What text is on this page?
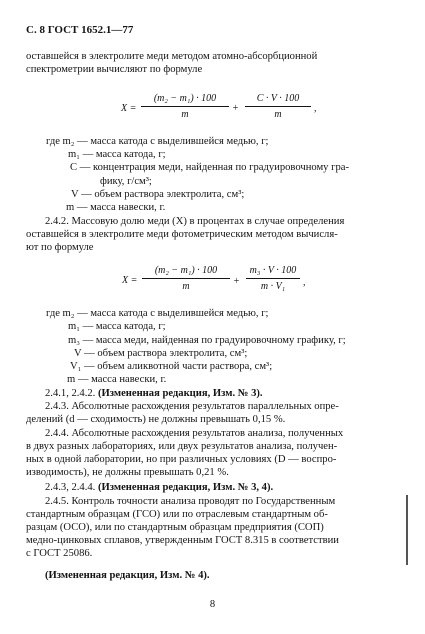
С. 8 ГОСТ 1652.1—77
оставшейся в электролите меди методом атомно-абсорбционной
спектрометрии вычисляют по формуле
X =
(m₂ − m₁) · 100
m
+
C · V · 100
m
,
где m₂ — масса катода с выделившейся медью, г;
m₁ — масса катода, г;
C — концентрация меди, найденная по градуировочному гра-
фику, г/см³;
V — объем раствора электролита, см³;
m — масса навески, г.
2.4.2. Массовую долю меди (X) в процентах в случае определения
оставшейся в электролите меди фотометрическим методом вычисля-
ют по формуле
X =
(m₂ − m₁) · 100
m	+
m₃ · V · 100
m · V₁	,
где m₂ — масса катода с выделившейся медью, г;
m₁ — масса катода, г;
m₃ — масса меди, найденная по градуировочному графику, г;
V — объем раствора электролита, см³;
V₁ — объем аликвотной части раствора, см³;
m — масса навески, г.
2.4.1, 2.4.2. (Измененная редакция, Изм. № 3).
2.4.3. Абсолютные расхождения результатов параллельных опре-
делений (d — сходимость) не должны превышать 0,15 %.
2.4.4. Абсолютные расхождения результатов анализа, полученных
в двух разных лабораториях, или двух результатов анализа, получен-
ных в одной лаборатории, но при различных условиях (D — воспро-
изводимость), не должны превышать 0,21 %.
2.4.3, 2.4.4. (Измененная редакция, Изм. № 3, 4).
2.4.5. Контроль точности анализа проводят по Государственным
стандартным образцам (ГСО) или по отраслевым стандартным об-
разцам (ОСО), или по стандартным образцам предприятия (СОП)
медно-цинковых сплавов, утвержденным ГОСТ 8.315 в соответствии
с ГОСТ 25086.
(Измененная редакция, Изм. № 4).
8
